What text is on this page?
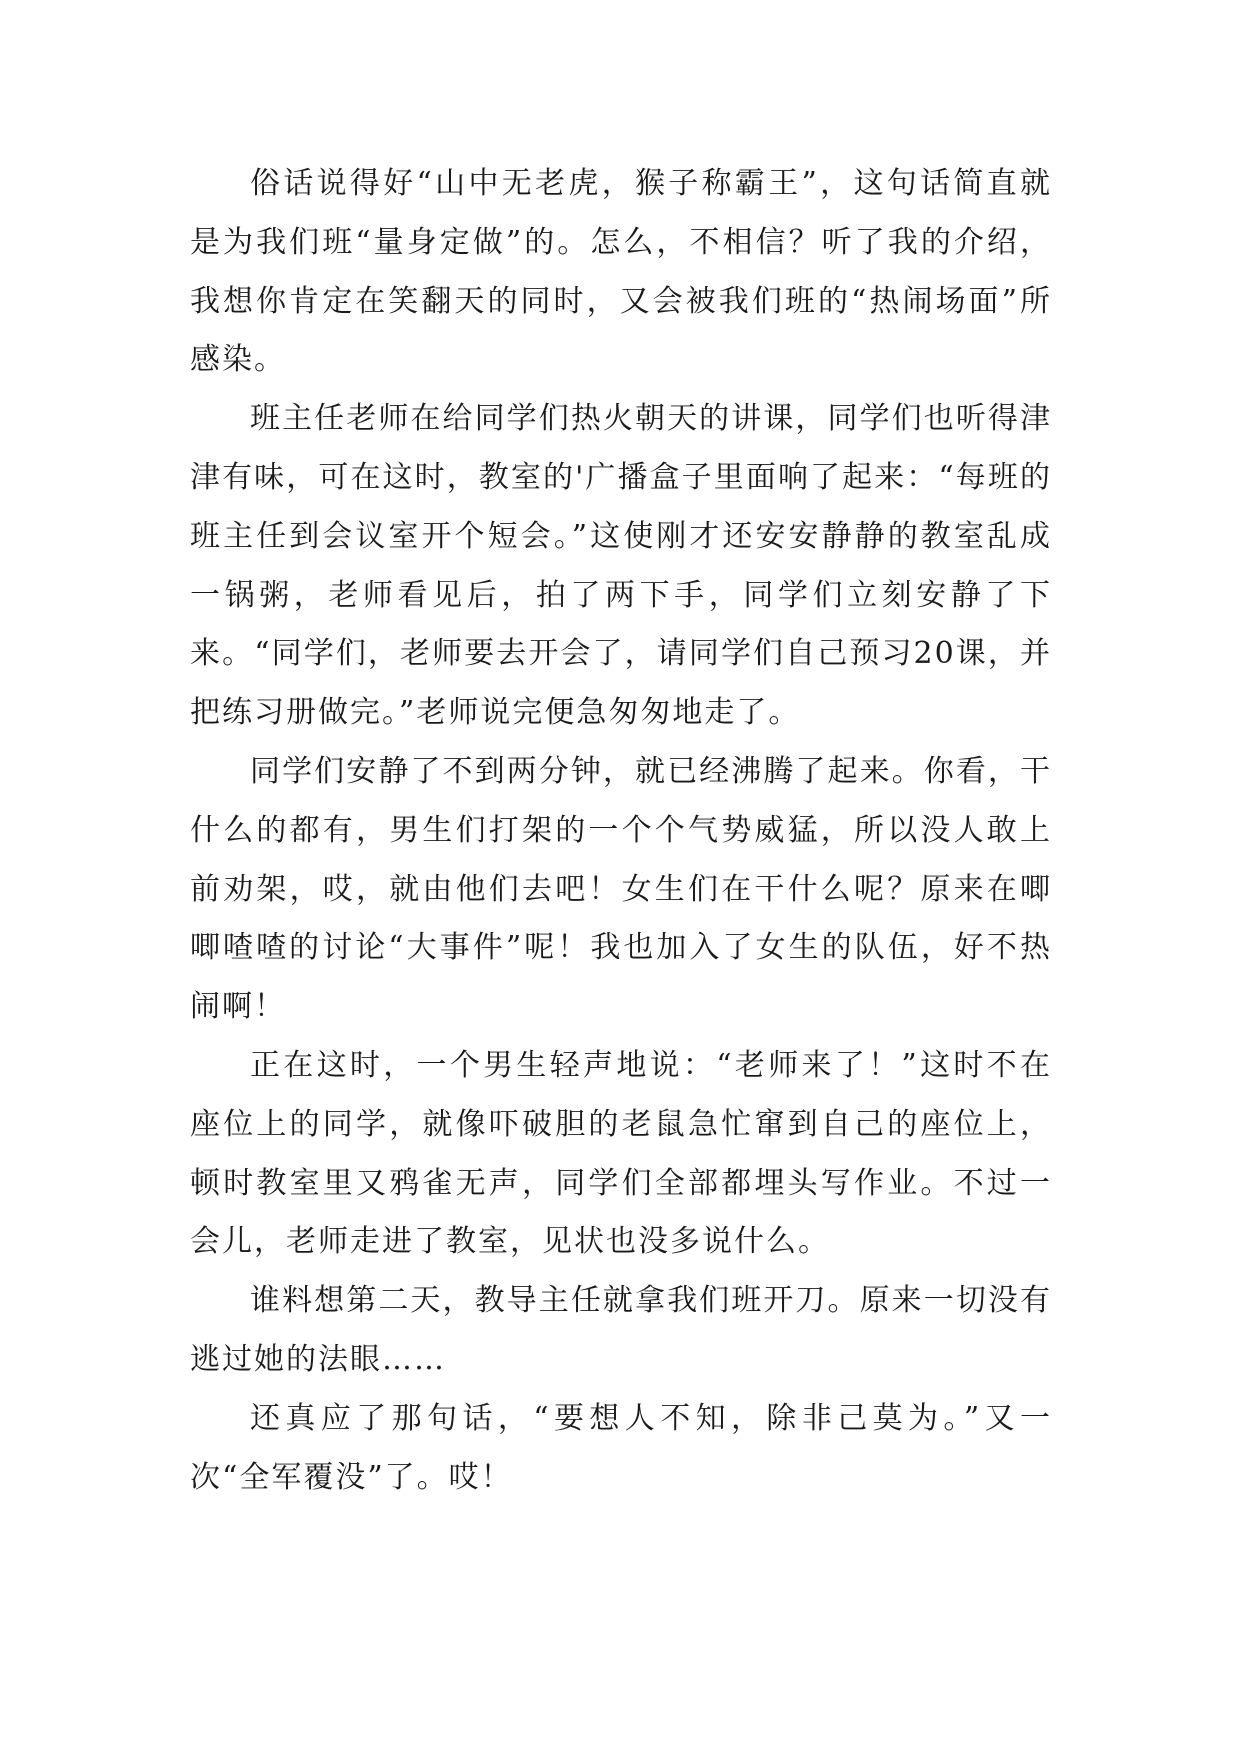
俗话说得好“山中无老虎，猴子称霸王”，这句话简直就是为我们班“量身定做”的。怎么，不相信？听了我的介绍，我想你肯定在笑翻天的同时，又会被我们班的“热闹场面”所感染。

班主任老师在给同学们热火朝天的讲课，同学们也听得津津有味，可在这时，教室的'广播盒子里面响了起来：“每班的班主任到会议室开个短会。”这使刚才还安安静静的教室乱成一锅粥，老师看见后，拍了两下手，同学们立刻安静了下来。“同学们，老师要去开会了，请同学们自己预习20课，并把练习册做完。”老师说完便急匆匆地走了。

同学们安静了不到两分钟，就已经沸腾了起来。你看，干什么的都有，男生们打架的一个个气势威猛，所以没人敢上前劝架，哎，就由他们去吧！女生们在干什么呢？原来在唧唧喳喳的讨论“大事件”呢！我也加入了女生的队伍，好不热闹啊！

正在这时，一个男生轻声地说：“老师来了！”这时不在座位上的同学，就像吓破胆的老鼠急忙窜到自己的座位上，顿时教室里又鸦雀无声，同学们全部都埋头写作业。不过一会儿，老师走进了教室，见状也没多说什么。

谁料想第二天，教导主任就拿我们班开刀。原来一切没有逃过她的法眼……

还真应了那句话，“要想人不知，除非己莫为。”又一次“全军覆没”了。哎！
